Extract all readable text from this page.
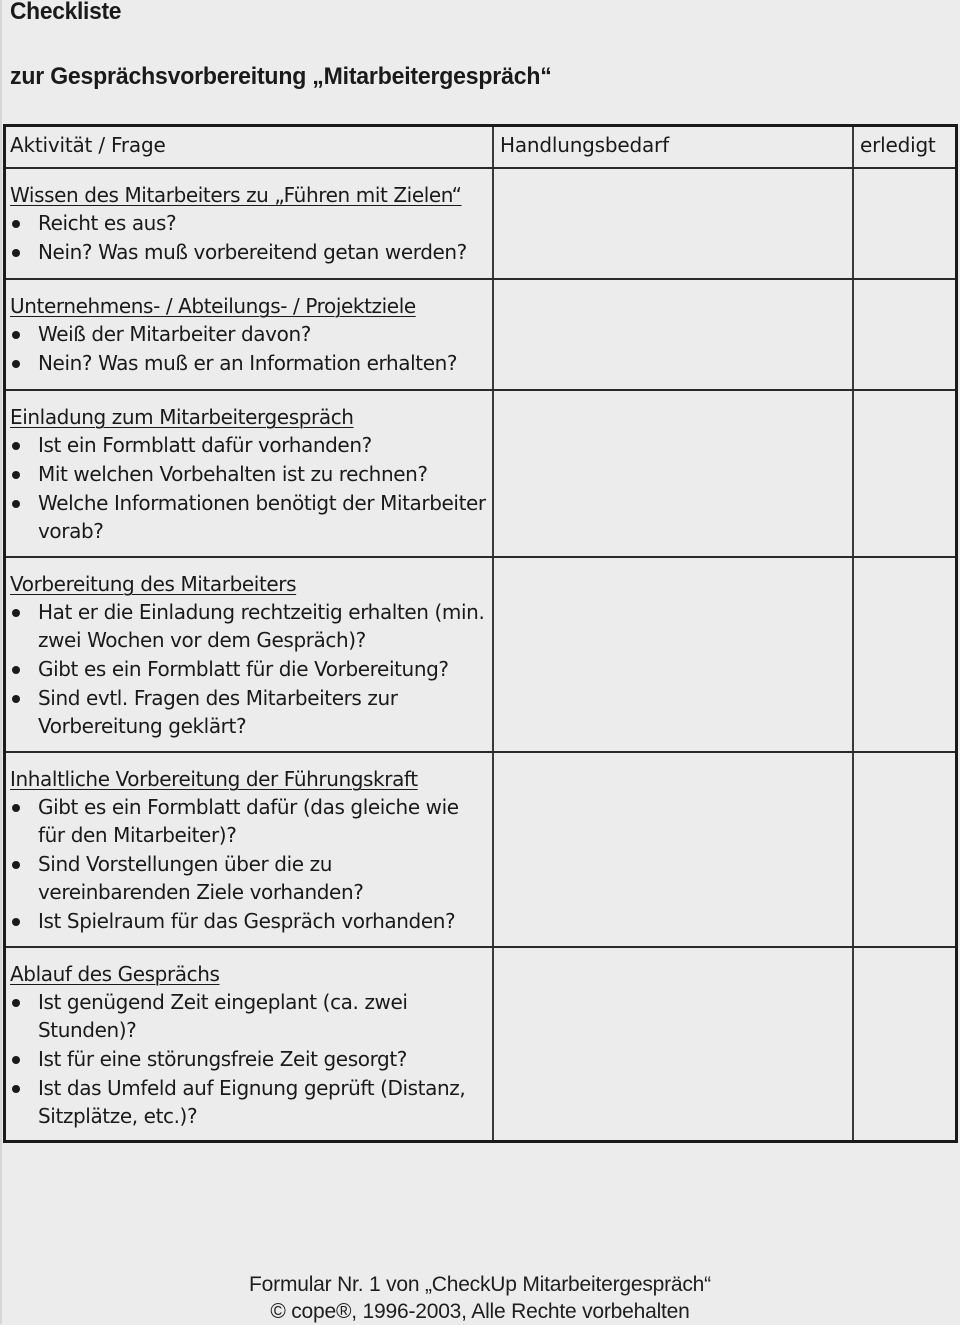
Checkliste
zur Gesprächsvorbereitung „Mitarbeitergespräch“
Aktivität / Frage	Handlungsbedarf	erledigt
Wissen des Mitarbeiters zu „Führen mit Zielen“
Reicht es aus?
Nein? Was muß vorbereitend getan werden?
Unternehmens- / Abteilungs- / Projektziele
Weiß der Mitarbeiter davon?
Nein? Was muß er an Information erhalten?
Einladung zum Mitarbeitergespräch
Ist ein Formblatt dafür vorhanden?
Mit welchen Vorbehalten ist zu rechnen?
Welche Informationen benötigt der Mitarbeiter vorab?
Vorbereitung des Mitarbeiters
Hat er die Einladung rechtzeitig erhalten (min. zwei Wochen vor dem Gespräch)?
Gibt es ein Formblatt für die Vorbereitung?
Sind evtl. Fragen des Mitarbeiters zur Vorbereitung geklärt?
Inhaltliche Vorbereitung der Führungskraft
Gibt es ein Formblatt dafür (das gleiche wie für den Mitarbeiter)?
Sind Vorstellungen über die zu vereinbarenden Ziele vorhanden?
Ist Spielraum für das Gespräch vorhanden?
Ablauf des Gesprächs
Ist genügend Zeit eingeplant (ca. zwei Stunden)?
Ist für eine störungsfreie Zeit gesorgt?
Ist das Umfeld auf Eignung geprüft (Distanz, Sitzplätze, etc.)?
Formular Nr. 1 von „CheckUp Mitarbeitergespräch“
© cope®, 1996-2003, Alle Rechte vorbehalten
